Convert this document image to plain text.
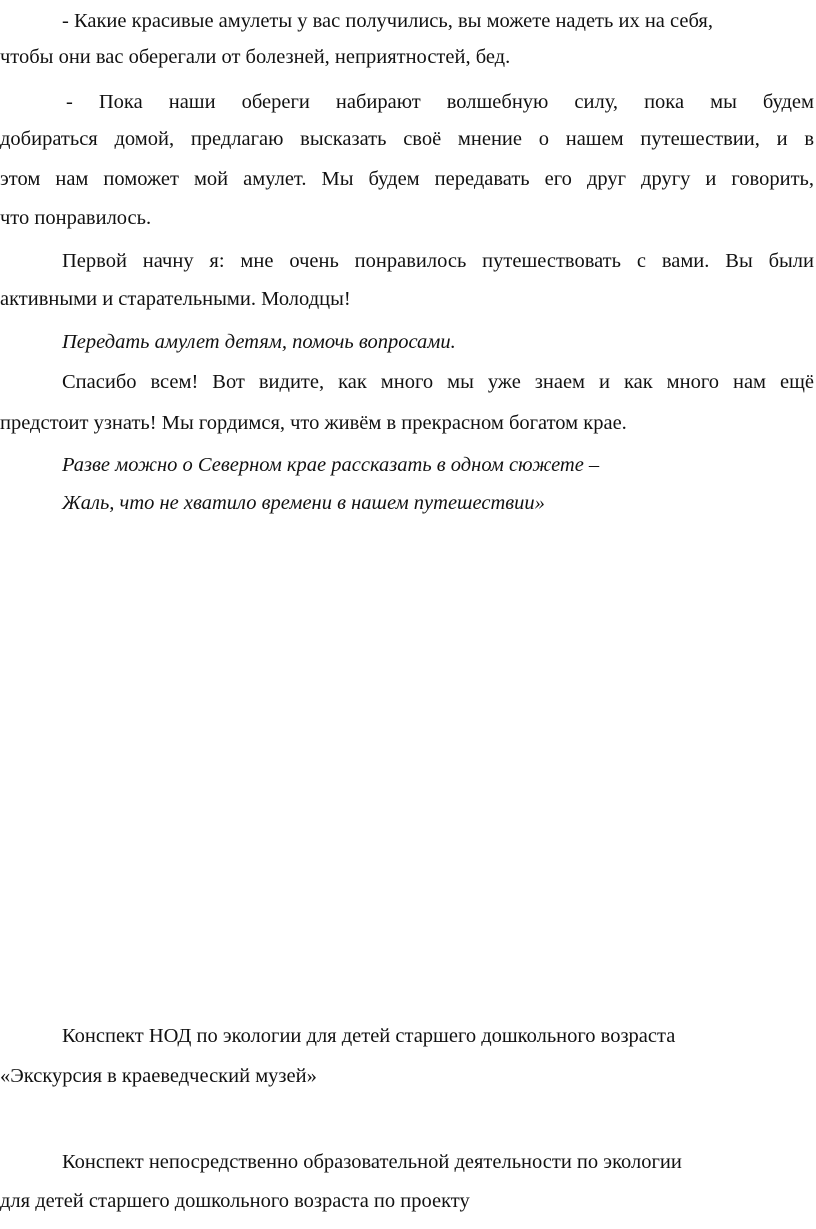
- Какие красивые амулеты у вас получились, вы можете надеть их на себя,

чтобы они вас оберегали от болезней, неприятностей, бед.

- Пока наши обереги набирают волшебную силу, пока мы будем

добираться домой, предлагаю высказать своё мнение о нашем путешествии, и в

этом нам поможет мой амулет. Мы будем передавать его друг другу и говорить,

что понравилось.

Первой начну я: мне очень понравилось путешествовать с вами. Вы были

активными и старательными. Молодцы!

Передать амулет детям, помочь вопросами.

Спасибо всем! Вот видите, как много мы уже знаем и как много нам ещё

предстоит узнать! Мы гордимся, что живём в прекрасном богатом крае.

Разве можно о Северном крае рассказать в одном сюжете –

Жаль, что не хватило времени в нашем путешествии»

Конспект НОД по экологии для детей старшего дошкольного возраста

«Экскурсия в краеведческий музей»

Конспект непосредственно образовательной деятельности по экологии

для детей старшего дошкольного возраста по проекту
